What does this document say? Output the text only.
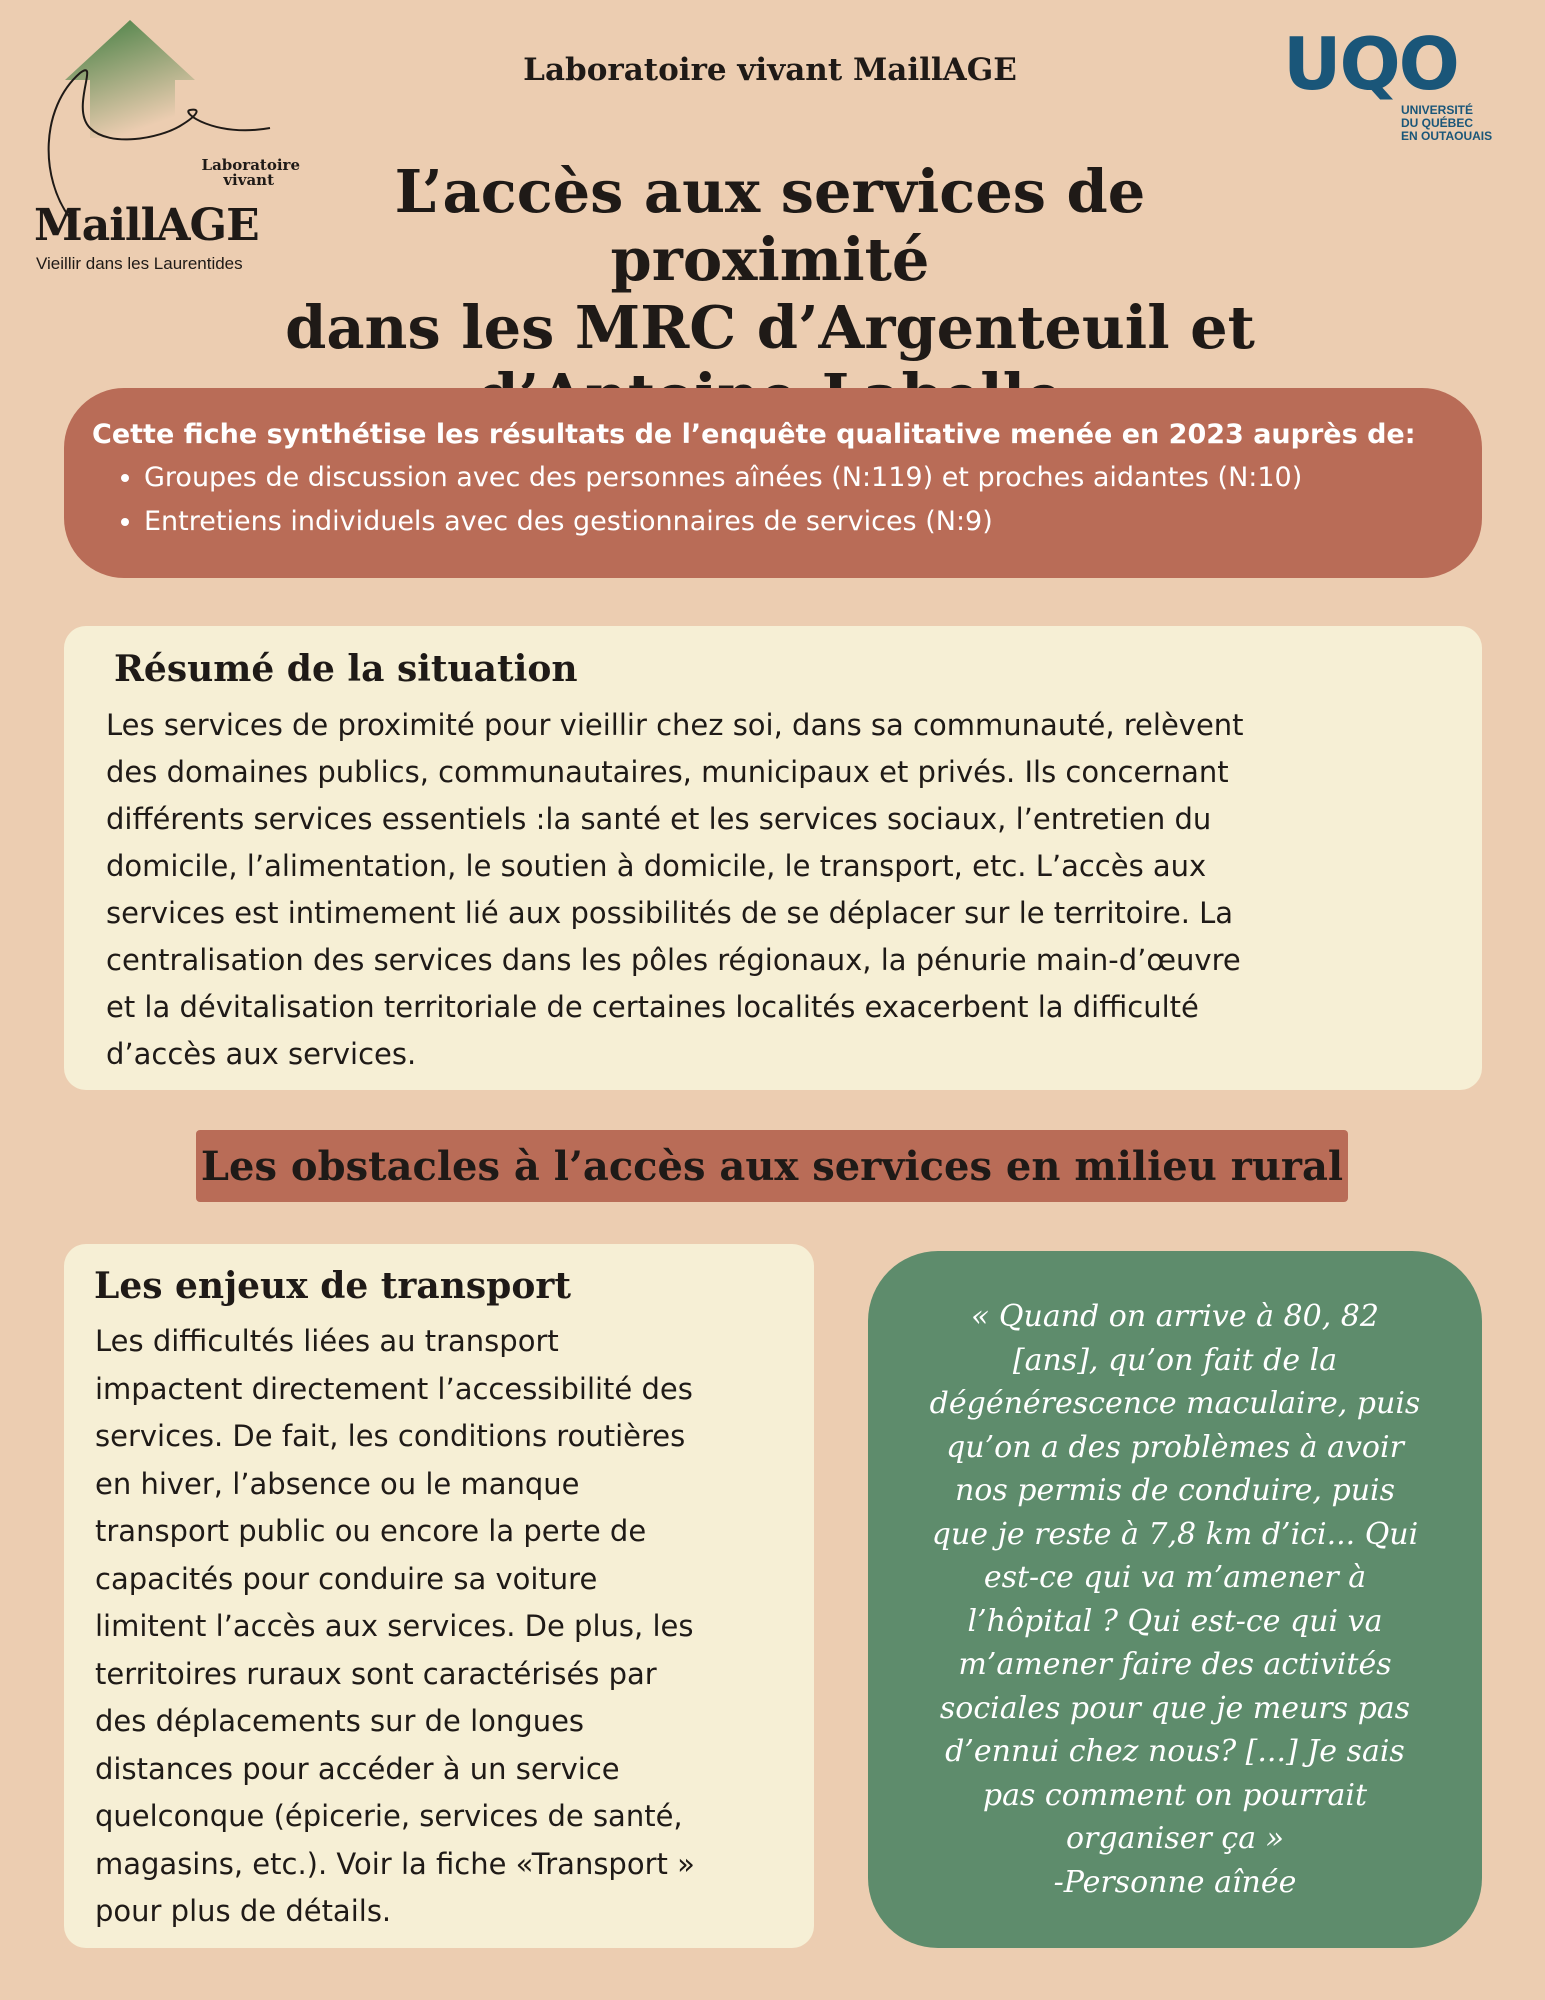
Laboratoire
vivant
MaillAGE
Vieillir dans les Laurentides
Laboratoire vivant MaillAGE	UQO
UNIVERSITÉ
DU QUÉBEC
EN OUTAOUAIS
L’accès aux services de proximité
dans les MRC d’Argenteuil et
Cette fiche synthétise les résultats de l’enquête qualitative menée en 2023 auprès de:
• Groupes de discussion avec des personnes aînées (N:119) et proches aidantes (N:10)
• Entretiens individuels avec des gestionnaires de services (N:9)
Résumé de la situation

Les services de proximité pour vieillir chez soi, dans sa communauté, relèvent
des domaines publics, communautaires, municipaux et privés. Ils concernant
différents services essentiels :la santé et les services sociaux, l’entretien du
domicile, l’alimentation, le soutien à domicile, le transport, etc. L’accès aux
services est intimement lié aux possibilités de se déplacer sur le territoire. La
centralisation des services dans les pôles régionaux, la pénurie main-d’œuvre
et la dévitalisation territoriale de certaines localités exacerbent la difficulté
d’accès aux services.

Les obstacles à l’accès aux services en milieu rural
Les enjeux de transport

Les difficultés liées au transport
impactent directement l’accessibilité des
services. De fait, les conditions routières
en hiver, l’absence ou le manque
transport public ou encore la perte de
capacités pour conduire sa voiture
limitent l’accès aux services. De plus, les
territoires ruraux sont caractérisés par
des déplacements sur de longues
distances pour accéder à un service
quelconque (épicerie, services de santé,
magasins, etc.). Voir la fiche «Transport »
pour plus de détails.

« Quand on arrive à 80, 82
[ans], qu’on fait de la
dégénérescence maculaire, puis
qu’on a des problèmes à avoir
nos permis de conduire, puis
que je reste à 7,8 km d’ici... Qui
est-ce qui va m’amener à
l’hôpital ? Qui est-ce qui va
m’amener faire des activités
sociales pour que je meurs pas
d’ennui chez nous? [...] Je sais
pas comment on pourrait
organiser ça »
-Personne aînée
